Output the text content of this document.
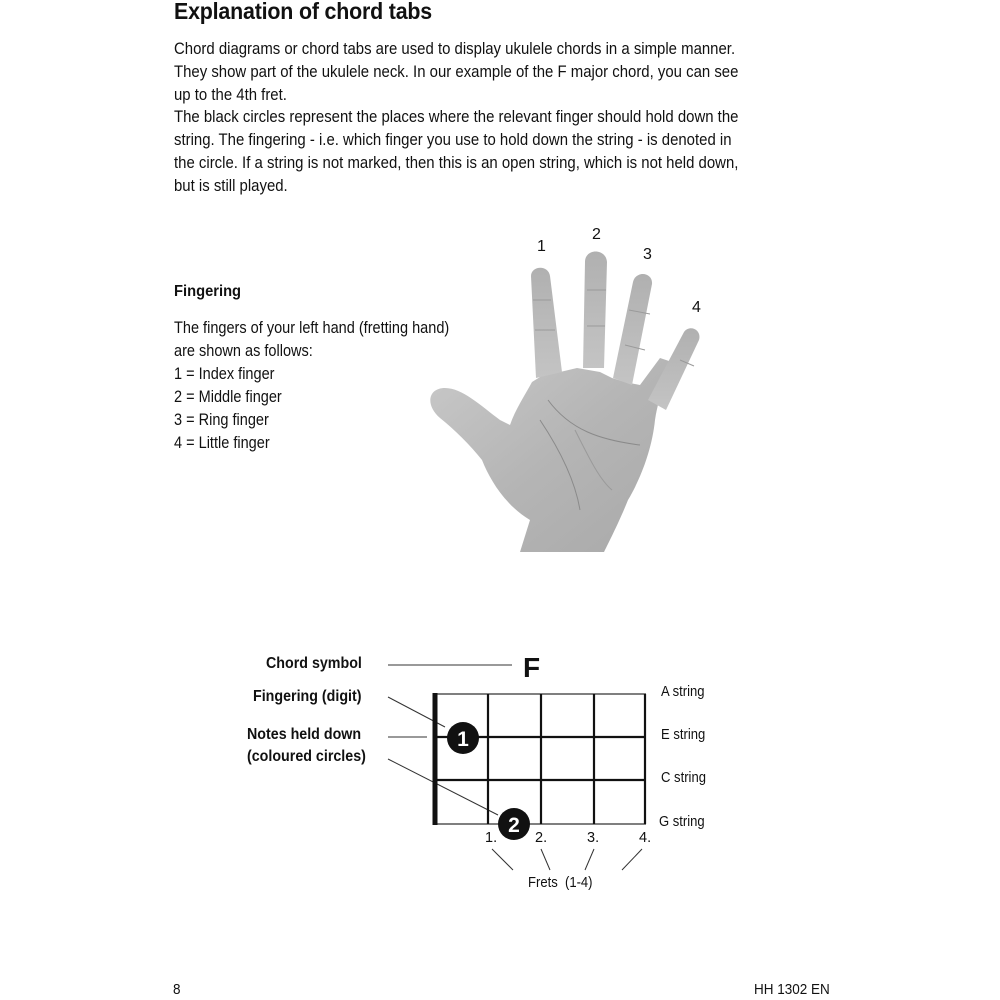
Explanation of chord tabs
Chord diagrams or chord tabs are used to display ukulele chords in a simple manner.
They show part of the ukulele neck. In our example of the F major chord, you can see
up to the 4th fret.
The black circles represent the places where the relevant finger should hold down the
string. The fingering - i.e. which finger you use to hold down the string - is denoted in
the circle. If a string is not marked, then this is an open string, which is not held down,
but is still played.
Fingering
The fingers of your left hand (fretting hand)
are shown as follows:
1 = Index finger
2 = Middle finger
3 = Ring finger
4 = Little finger
1
2
3
4
1
2
F
1.	2.	3.	4.
Chord symbol
Fingering (digit)
Notes held down
(coloured circles)
A string
E string
C string
G string
Frets  (1-4)
8	HH 1302 EN
